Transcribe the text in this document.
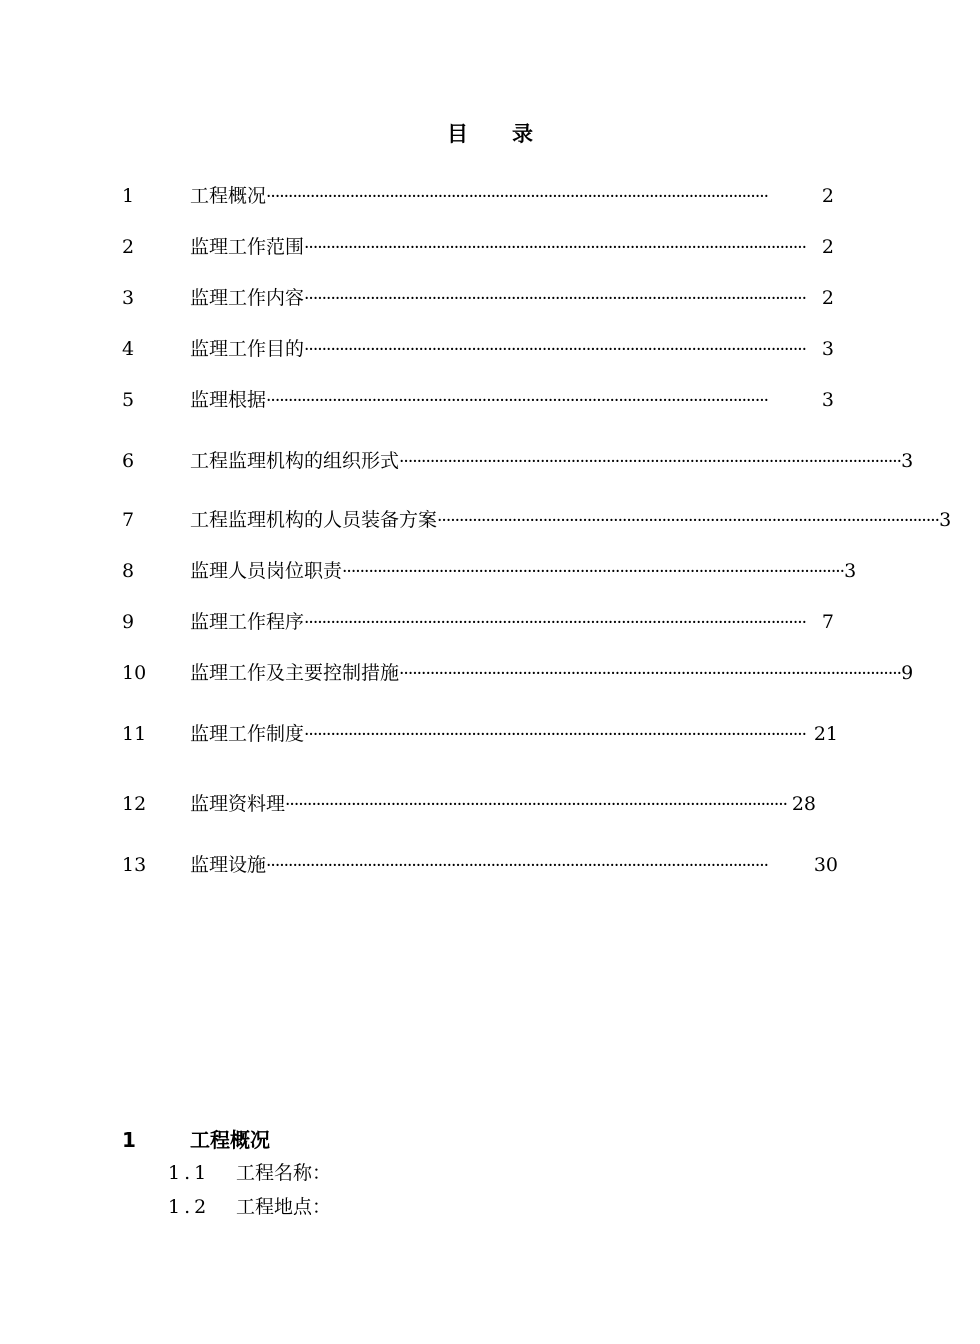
目录
1	工程概况 ··················································································································	2
2	监理工作范围 ·················································································································· 2
3	监理工作内容 ·················································································································· 2
4	监理工作目的 ·················································································································· 3
5	监理根据 ··················································································································	3
6	工程监理机构的组织形式 ·················································································································· 3
7	工程监理机构的人员装备方案 ·················································································································· 3
8	监理人员岗位职责 ·················································································································· 3
9	监理工作程序 ·················································································································· 7
10	监理工作及主要控制措施 ·················································································································· 9
11	监理工作制度 ·················································································································· 21
12	监理资料理 ·················································································································· 28
13	监理设施 ··················································································································	30
1	工程概况
1.1 工程名称：
1.2 工程地点：
